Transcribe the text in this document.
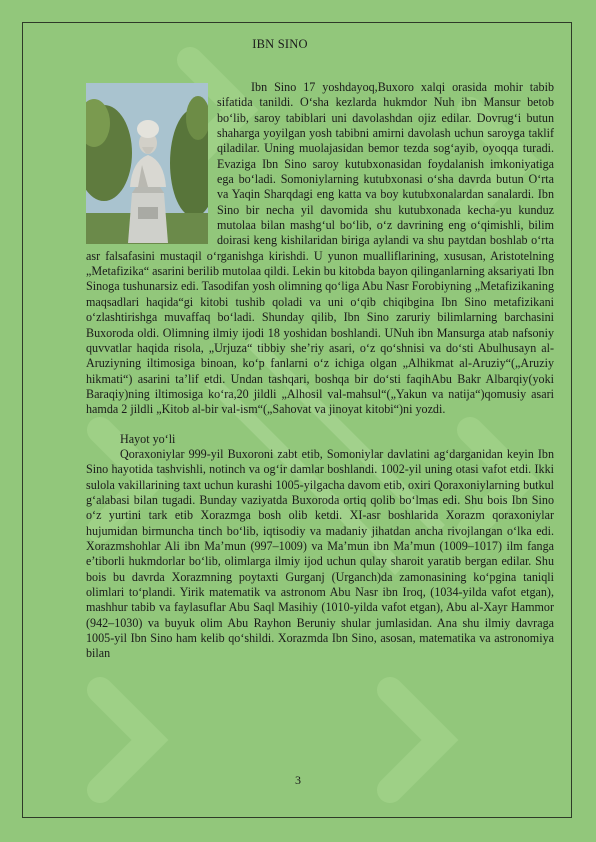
IBN SINO

Ibn Sino 17 yoshdayoq,Buxoro xalqi orasida mohir tabib sifatida tanildi. O‘sha kezlarda hukmdor Nuh ibn Mansur betob bo‘lib, saroy tabiblari uni davolashdan ojiz edilar. Dovrug‘i butun shaharga yoyilgan yosh tabibni amirni davolash uchun saroyga taklif qiladilar. Uning muolajasidan bemor tezda sog‘ayib, oyoqqa turadi. Evaziga Ibn Sino saroy kutubxonasidan foydalanish imkoniyatiga ega bo‘ladi. Somoniylarning kutubxonasi o‘sha davrda butun O‘rta va Yaqin Sharqdagi eng katta va boy kutubxonalardan sanalardi. Ibn Sino bir necha yil davomida shu kutubxonada kecha-yu kunduz mutolaa bilan mashg‘ul bo‘lib, o‘z davrining eng o‘qimishli, bilim doirasi keng kishilaridan biriga aylandi va shu paytdan boshlab o‘rta asr falsafasini mustaqil o‘rganishga kirishdi. U yunon mualliflarining, xususan, Aristotelning „Metafizika“ asarini berilib mutolaa qildi. Lekin bu kitobda bayon qilinganlarning aksariyati Ibn Sinoga tushunarsiz edi. Tasodifan yosh olimning qo‘liga Abu Nasr Forobiyning „Metafizikaning maqsadlari haqida“gi kitobi tushib qoladi va uni o‘qib chiqibgina Ibn Sino metafizikani o‘zlashtirishga muvaffaq bo‘ladi. Shunday qilib, Ibn Sino zaruriy bilimlarning barchasini Buxoroda oldi. Olimning ilmiy ijodi 18 yoshidan boshlandi. UNuh ibn Mansurga atab nafsoniy quvvatlar haqida risola, „Urjuza“ tibbiy she’riy asari, o‘z qo‘shnisi va do‘sti Abulhusayn al-Aruziyning iltimosiga binoan, ko‘p fanlarni o‘z ichiga olgan „Alhikmat al-Aruziy“(„Aruziy hikmati“) asarini ta’lif etdi. Undan tashqari, boshqa bir do‘sti faqihAbu Bakr Albarqiy(yoki Baraqiy)ning iltimosiga ko‘ra,20 jildli „Alhosil val-mahsul“(„Yakun va natija“)qomusiy asari hamda 2 jildli „Kitob al-bir val-ism“(„Sahovat va jinoyat kitobi“)ni yozdi.

Hayot yo‘li

Qoraxoniylar 999-yil Buxoroni zabt etib, Somoniylar davlatini ag‘darganidan keyin Ibn Sino hayotida tashvishli, notinch va og‘ir damlar boshlandi. 1002-yil uning otasi vafot etdi. Ikki sulola vakillarining taxt uchun kurashi 1005-yilgacha davom etib, oxiri Qoraxoniylarning butkul g‘alabasi bilan tugadi. Bunday vaziyatda Buxoroda ortiq qolib bo‘lmas edi. Shu bois Ibn Sino o‘z yurtini tark etib Xorazmga bosh olib ketdi. XI-asr boshlarida Xorazm qoraxoniylar hujumidan birmuncha tinch bo‘lib, iqtisodiy va madaniy jihatdan ancha rivojlangan o‘lka edi. Xorazmshohlar Ali ibn Ma’mun (997–1009) va Ma’mun ibn Ma’mun (1009–1017) ilm fanga e’tiborli hukmdorlar bo‘lib, olimlarga ilmiy ijod uchun qulay sharoit yaratib bergan edilar. Shu bois bu davrda Xorazmning poytaxti Gurganj (Urganch)da zamonasining ko‘pgina taniqli olimlari to‘plandi. Yirik matematik va astronom Abu Nasr ibn Iroq, (1034-yilda vafot etgan), mashhur tabib va faylasuflar Abu Saql Masihiy (1010-yilda vafot etgan), Abu al-Xayr Hammor (942–1030) va buyuk olim Abu Rayhon Beruniy shular jumlasidan. Ana shu ilmiy davraga 1005-yil Ibn Sino ham kelib qo‘shildi. Xorazmda Ibn Sino, asosan, matematika va astronomiya bilan

3
